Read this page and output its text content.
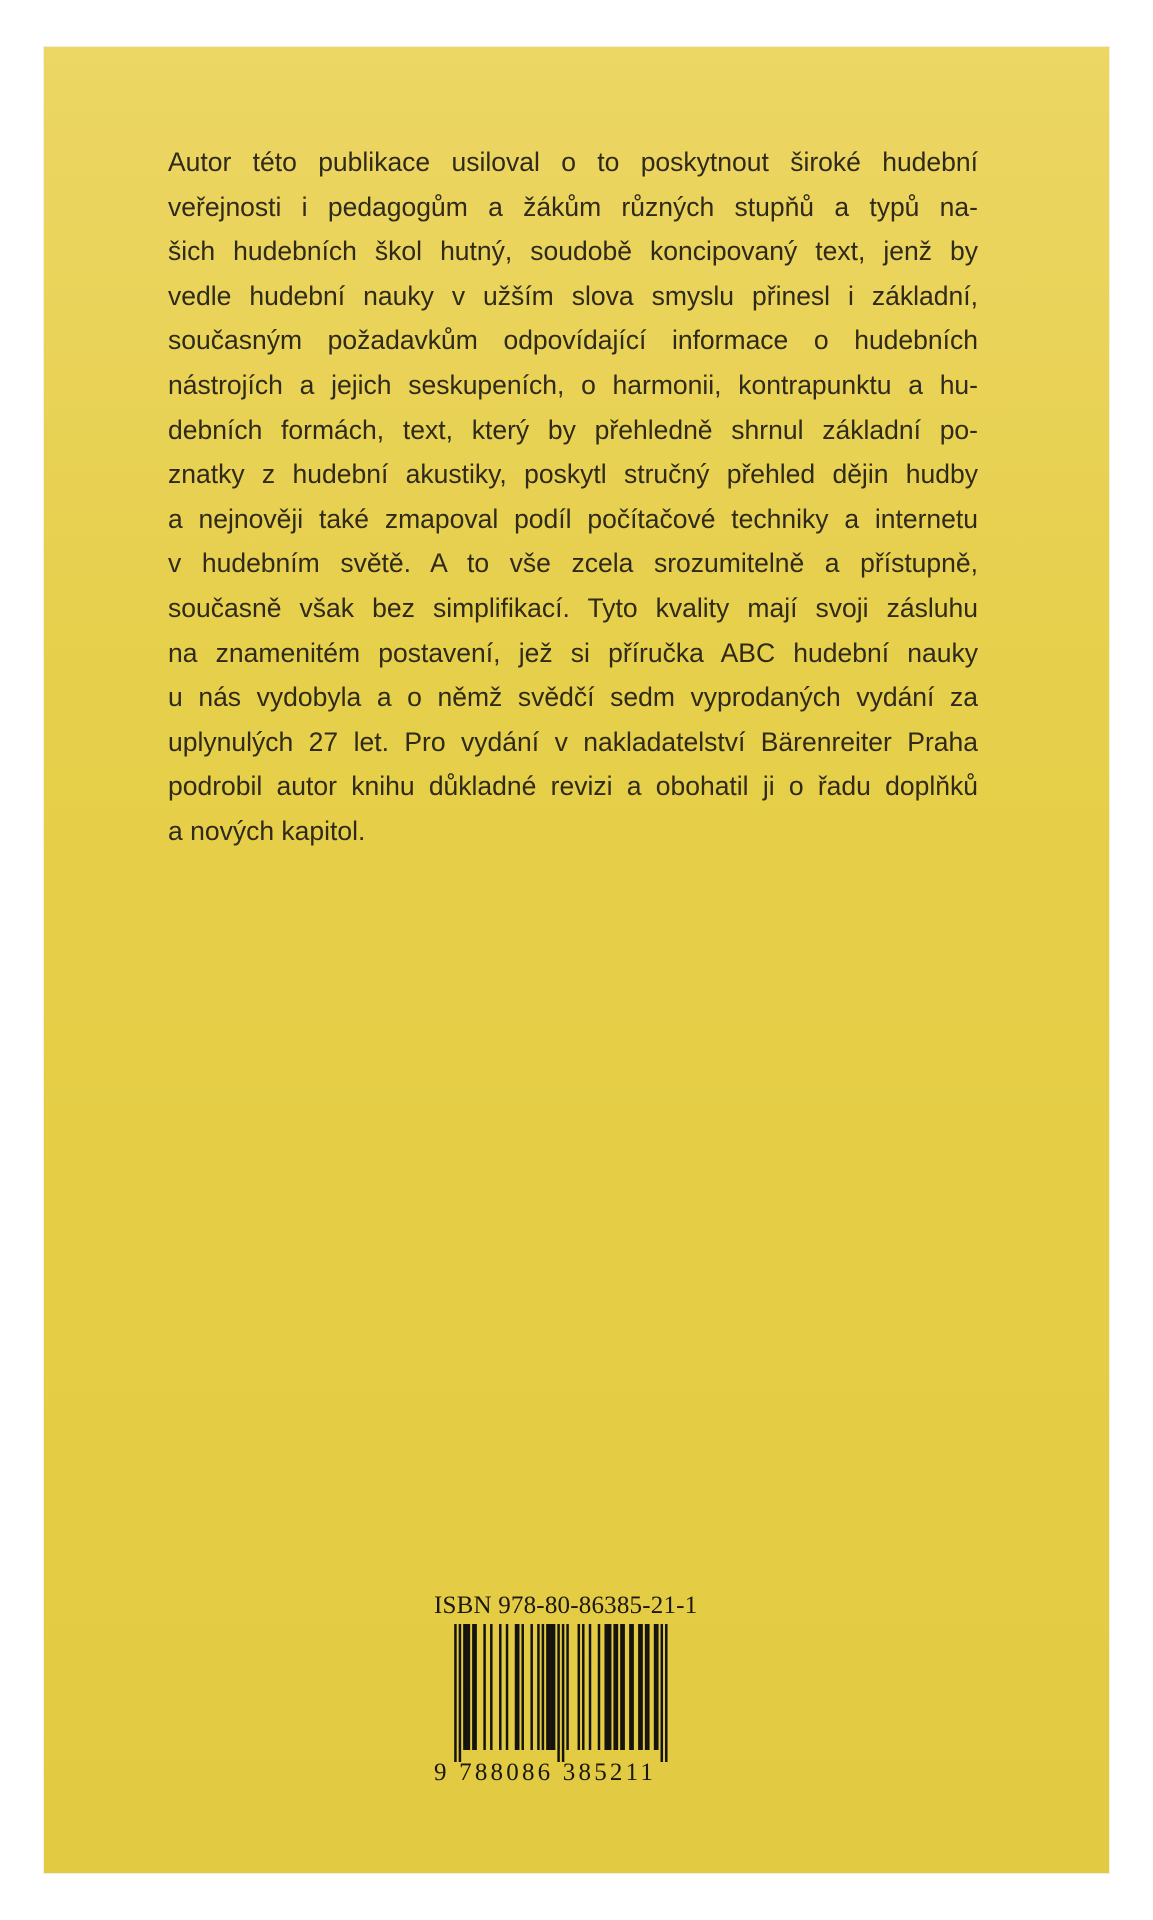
Autor této publikace usiloval o to poskytnout široké hudební
veřejnosti i pedagogům a žákům různých stupňů a typů na-
šich hudebních škol hutný, soudobě koncipovaný text, jenž by
vedle hudební nauky v užším slova smyslu přinesl i základní,
současným požadavkům odpovídající informace o hudebních
nástrojích a jejich seskupeních, o harmonii, kontrapunktu a hu-
debních formách, text, který by přehledně shrnul základní po-
znatky z hudební akustiky, poskytl stručný přehled dějin hudby
a nejnověji také zmapoval podíl počítačové techniky a internetu
v hudebním světě. A to vše zcela srozumitelně a přístupně,
současně však bez simplifikací. Tyto kvality mají svoji zásluhu
na znamenitém postavení, jež si příručka ABC hudební nauky
u nás vydobyla a o němž svědčí sedm vyprodaných vydání za
uplynulých 27 let. Pro vydání v nakladatelství Bärenreiter Praha
podrobil autor knihu důkladné revizi a obohatil ji o řadu doplňků
a nových kapitol.
ISBN 978-80-86385-21-1
9 788086 385211
